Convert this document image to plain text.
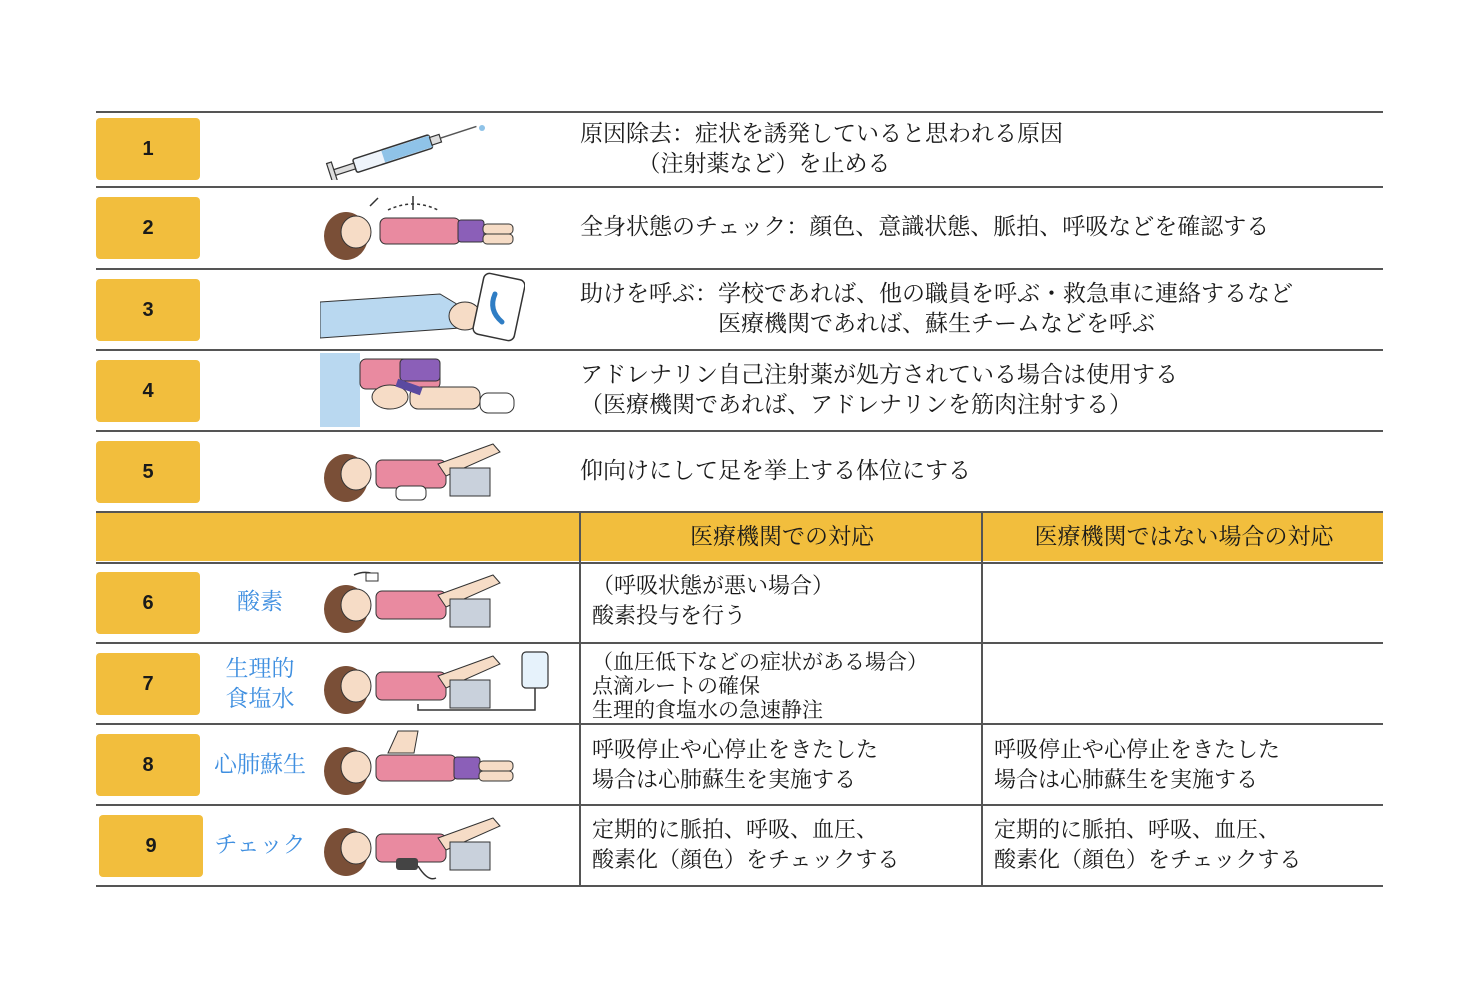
医療機関での対応	医療機関ではない場合の対応
1
2
3
4
5
原因除去：症状を誘発していると思われる原因
　　　（注射薬など）を止める
全身状態のチェック：顔色、意識状態、脈拍、呼吸などを確認する
助けを呼ぶ：学校であれば、他の職員を呼ぶ・救急車に連絡するなど
　　　　　　医療機関であれば、蘇生チームなどを呼ぶ
アドレナリン自己注射薬が処方されている場合は使用する
（医療機関であれば、アドレナリンを筋肉注射する）
仰向けにして足を挙上する体位にする
6
7
8
9
酸素
生理的
食塩水
心肺蘇生
チェック
（呼吸状態が悪い場合）
酸素投与を行う
（血圧低下などの症状がある場合）
点滴ルートの確保
生理的食塩水の急速静注
呼吸停止や心停止をきたした
場合は心肺蘇生を実施する
呼吸停止や心停止をきたした
場合は心肺蘇生を実施する
定期的に脈拍、呼吸、血圧、
酸素化（顔色）をチェックする
定期的に脈拍、呼吸、血圧、
酸素化（顔色）をチェックする
